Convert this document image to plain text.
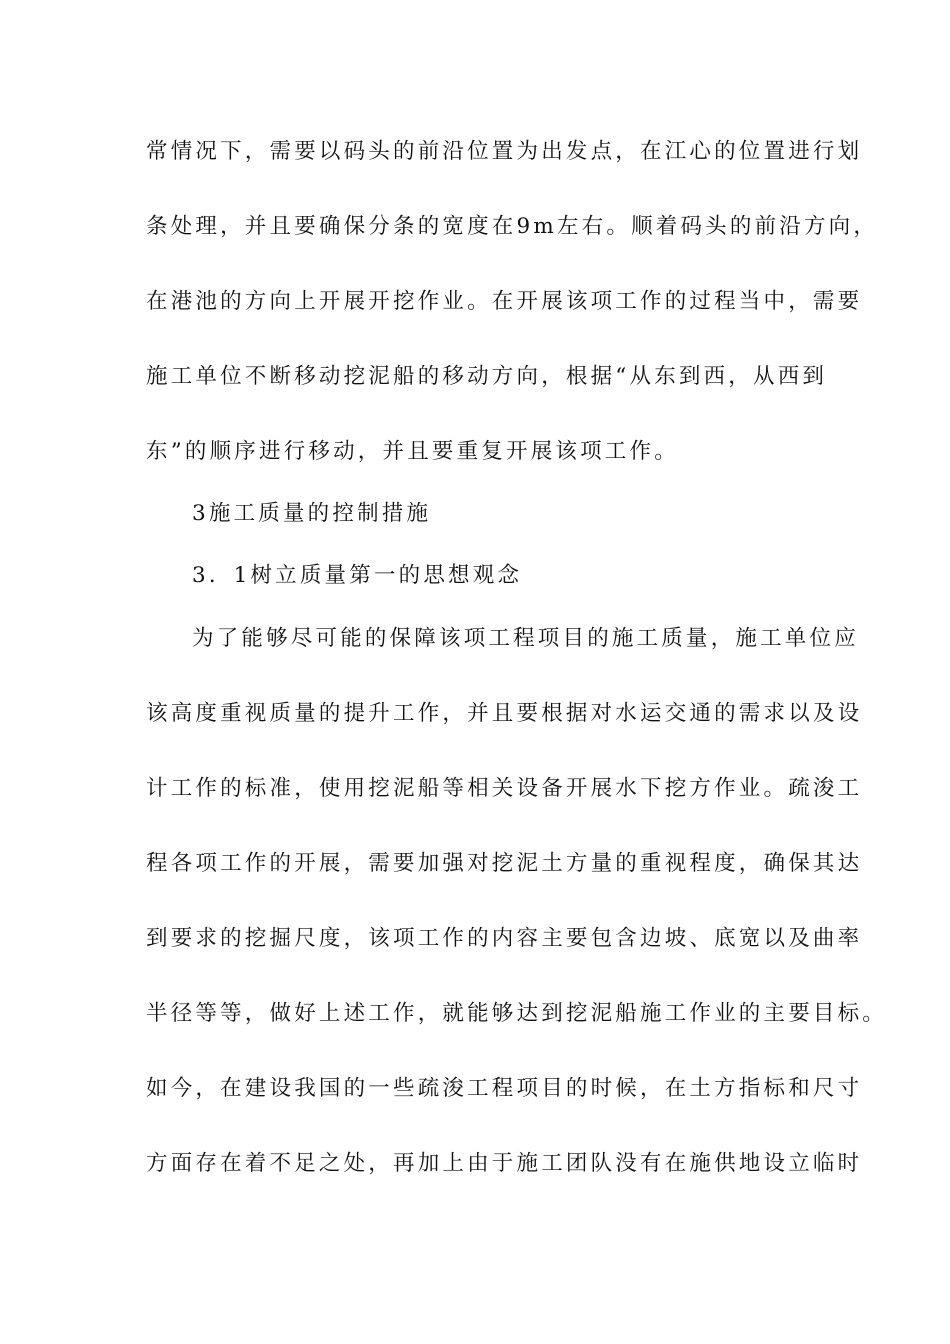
常情况下，需要以码头的前沿位置为出发点，在江心的位置进行划
条处理，并且要确保分条的宽度在9m左右。顺着码头的前沿方向，
在港池的方向上开展开挖作业。在开展该项工作的过程当中，需要
施工单位不断移动挖泥船的移动方向，根据“从东到西，从西到
东”的顺序进行移动，并且要重复开展该项工作。
3施工质量的控制措施
3．1树立质量第一的思想观念
为了能够尽可能的保障该项工程项目的施工质量，施工单位应
该高度重视质量的提升工作，并且要根据对水运交通的需求以及设
计工作的标准，使用挖泥船等相关设备开展水下挖方作业。疏浚工
程各项工作的开展，需要加强对挖泥土方量的重视程度，确保其达
到要求的挖掘尺度，该项工作的内容主要包含边坡、底宽以及曲率
半径等等，做好上述工作，就能够达到挖泥船施工作业的主要目标。
如今，在建设我国的一些疏浚工程项目的时候，在土方指标和尺寸
方面存在着不足之处，再加上由于施工团队没有在施供地设立临时
